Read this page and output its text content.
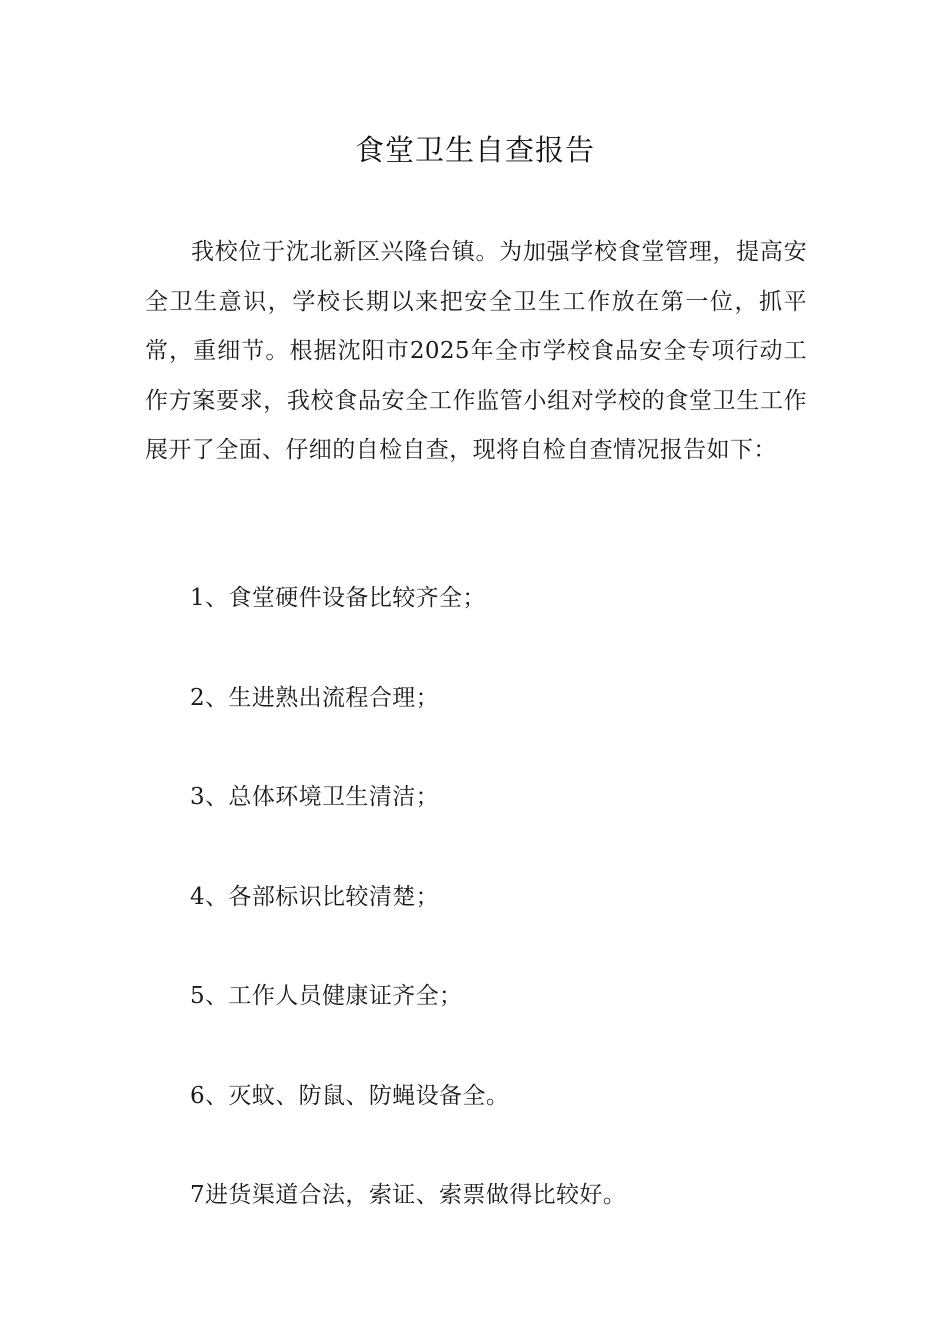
食堂卫生自查报告

我校位于沈北新区兴隆台镇。为加强学校食堂管理，提高安全卫生意识，学校长期以来把安全卫生工作放在第一位，抓平常，重细节。根据沈阳市2025年全市学校食品安全专项行动工作方案要求，我校食品安全工作监管小组对学校的食堂卫生工作展开了全面、仔细的自检自查，现将自检自查情况报告如下：

1、食堂硬件设备比较齐全；
2、生进熟出流程合理；
3、总体环境卫生清洁；
4、各部标识比较清楚；
5、工作人员健康证齐全；
6、灭蚊、防鼠、防蝇设备全。
7进货渠道合法，索证、索票做得比较好。
